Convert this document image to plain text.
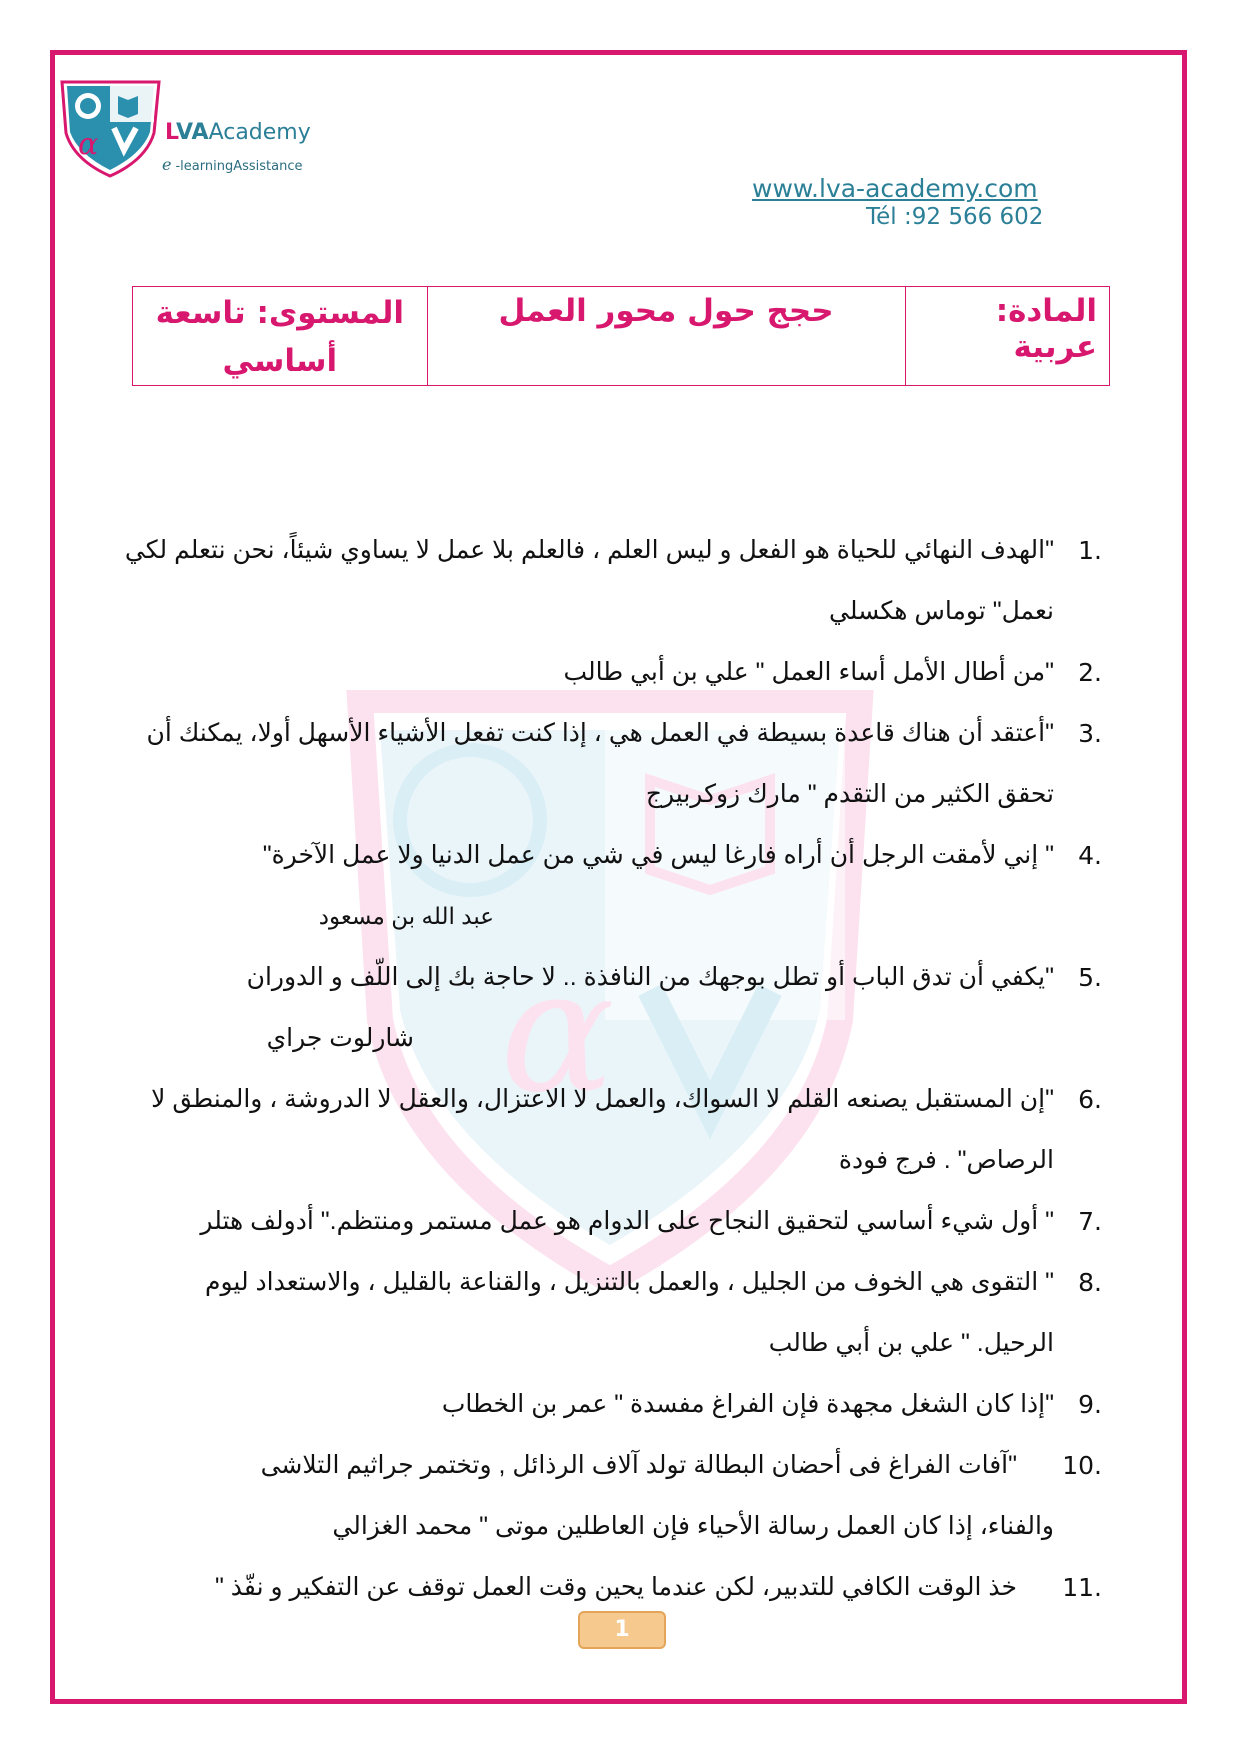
α
α	LVAAcademy
e -learningAssistance
www.lva-academy.com
Tél :92 566 602
المادة: عربية	حجج حول محور العمل	المستوى: تاسعة
أساسي
1.
"الهدف النهائي للحياة هو الفعل و ليس العلم ، فالعلم بلا عمل لا يساوي شيئاً، نحن نتعلم لكي
نعمل" توماس هكسلي
2.
"من أطال الأمل أساء العمل " علي بن أبي طالب
3.
"أعتقد أن هناك قاعدة بسيطة في العمل هي ، إذا كنت تفعل الأشياء الأسهل أولا، يمكنك أن
تحقق الكثير من التقدم " مارك زوكربيرج
4.
" إني لأمقت الرجل أن أراه فارغا ليس في شي من عمل الدنيا ولا عمل الآخرة"
عبد الله بن مسعود
5.
"يكفي أن تدق الباب أو تطل بوجهك من النافذة .. لا حاجة بك إلى اللّف و الدوران
شارلوت جراي
6.
"إن المستقبل يصنعه القلم لا السواك، والعمل لا الاعتزال، والعقل لا الدروشة ، والمنطق لا
الرصاص" . فرج فودة
7.
" أول شيء أساسي لتحقيق النجاح على الدوام هو عمل مستمر ومنتظم." أدولف هتلر
8.
" التقوى هي الخوف من الجليل ، والعمل بالتنزيل ، والقناعة بالقليل ، والاستعداد ليوم
الرحيل. " علي بن أبي طالب
9.
"إذا كان الشغل مجهدة فإن الفراغ مفسدة " عمر بن الخطاب
10.
"آفات الفراغ فى أحضان البطالة تولد آلاف الرذائل , وتختمر جراثيم التلاشى
والفناء، إذا كان العمل رسالة الأحياء فإن العاطلين موتى " محمد الغزالي
11.
خذ الوقت الكافي للتدبير، لكن عندما يحين وقت العمل توقف عن التفكير و نفّذ "
1
